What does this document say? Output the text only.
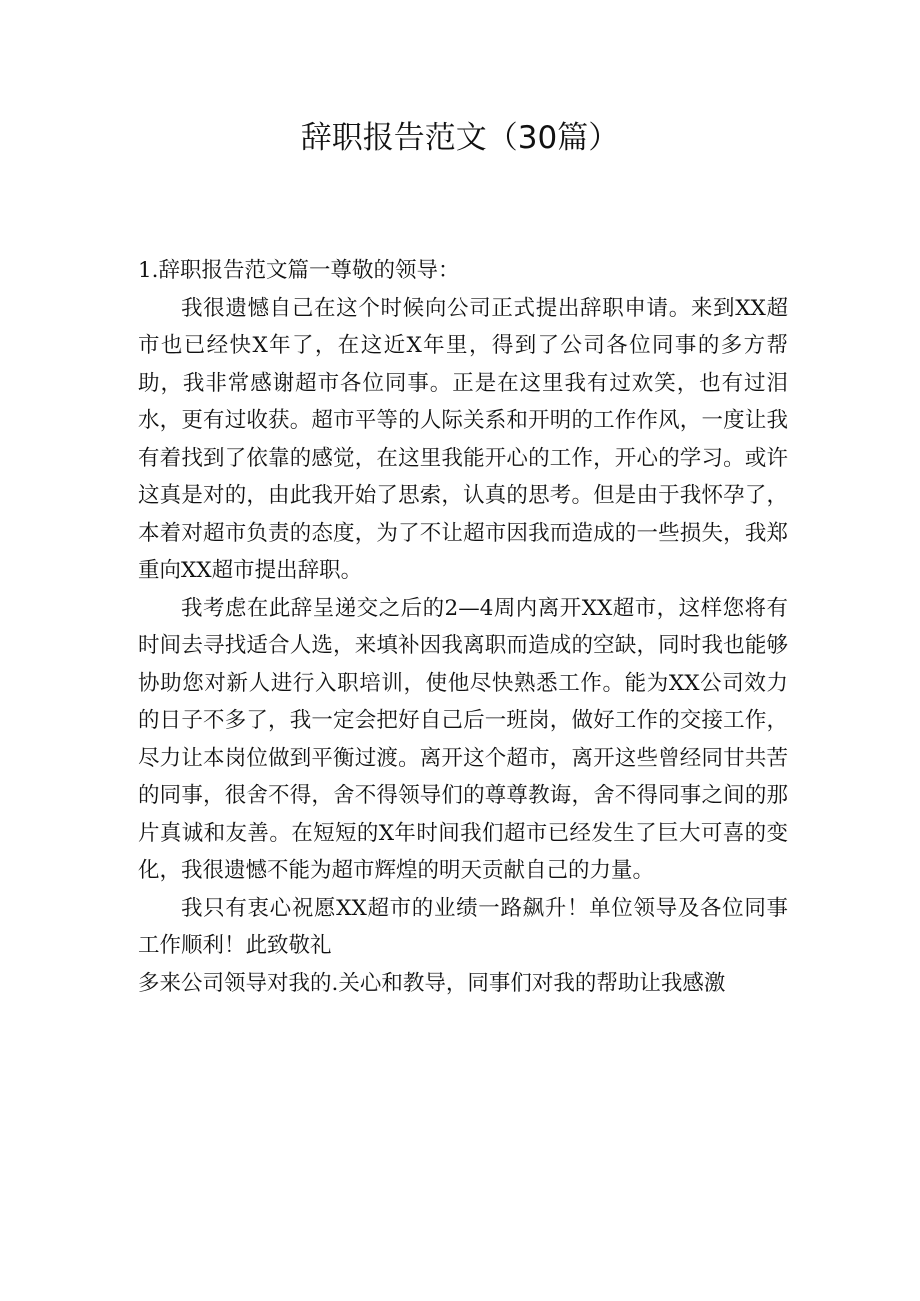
辞职报告范文（30篇）

1.辞职报告范文篇一尊敬的领导：

我很遗憾自己在这个时候向公司正式提出辞职申请。来到XX超市也已经快X年了，在这近X年里，得到了公司各位同事的多方帮助，我非常感谢超市各位同事。正是在这里我有过欢笑，也有过泪水，更有过收获。超市平等的人际关系和开明的工作作风，一度让我有着找到了依靠的感觉，在这里我能开心的工作，开心的学习。或许这真是对的，由此我开始了思索，认真的思考。但是由于我怀孕了，本着对超市负责的态度，为了不让超市因我而造成的一些损失，我郑重向XX超市提出辞职。

我考虑在此辞呈递交之后的2—4周内离开XX超市，这样您将有时间去寻找适合人选，来填补因我离职而造成的空缺，同时我也能够协助您对新人进行入职培训，使他尽快熟悉工作。能为XX公司效力的日子不多了，我一定会把好自己后一班岗，做好工作的交接工作，尽力让本岗位做到平衡过渡。离开这个超市，离开这些曾经同甘共苦的同事，很舍不得，舍不得领导们的尊尊教诲，舍不得同事之间的那片真诚和友善。在短短的X年时间我们超市已经发生了巨大可喜的变化，我很遗憾不能为超市辉煌的明天贡献自己的力量。

我只有衷心祝愿XX超市的业绩一路飙升！单位领导及各位同事工作顺利！此致敬礼

多来公司领导对我的.关心和教导，同事们对我的帮助让我感激
